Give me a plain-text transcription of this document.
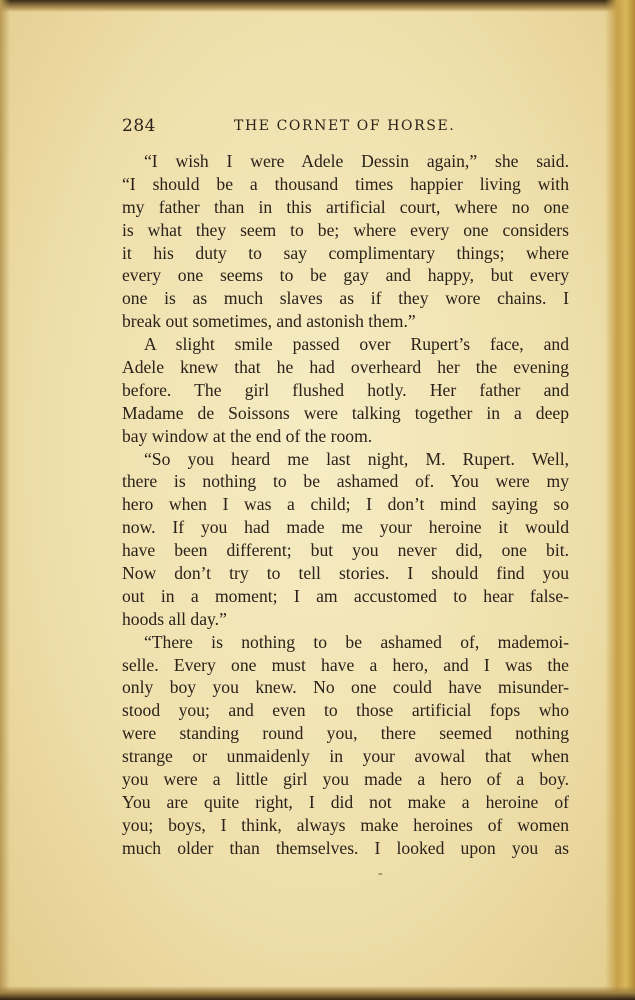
284	THE CORNET OF HORSE.
“I wish I were Adele Dessin again,” she said.
“I should be a thousand times happier living with
my father than in this artificial court, where no one
is what they seem to be; where every one considers
it his duty to say complimentary things; where
every one seems to be gay and happy, but every
one is as much slaves as if they wore chains. I
break out sometimes, and astonish them.”
A slight smile passed over Rupert’s face, and
Adele knew that he had overheard her the evening
before. The girl flushed hotly. Her father and
Madame de Soissons were talking together in a deep
bay window at the end of the room.
“So you heard me last night, M. Rupert. Well,
there is nothing to be ashamed of. You were my
hero when I was a child; I don’t mind saying so
now. If you had made me your heroine it would
have been different; but you never did, one bit.
Now don’t try to tell stories. I should find you
out in a moment; I am accustomed to hear false-
hoods all day.”
“There is nothing to be ashamed of, mademoi-
selle. Every one must have a hero, and I was the
only boy you knew. No one could have misunder-
stood you; and even to those artificial fops who
were standing round you, there seemed nothing
strange or unmaidenly in your avowal that when
you were a little girl you made a hero of a boy.
You are quite right, I did not make a heroine of
you; boys, I think, always make heroines of women
much older than themselves. I looked upon you as
-
